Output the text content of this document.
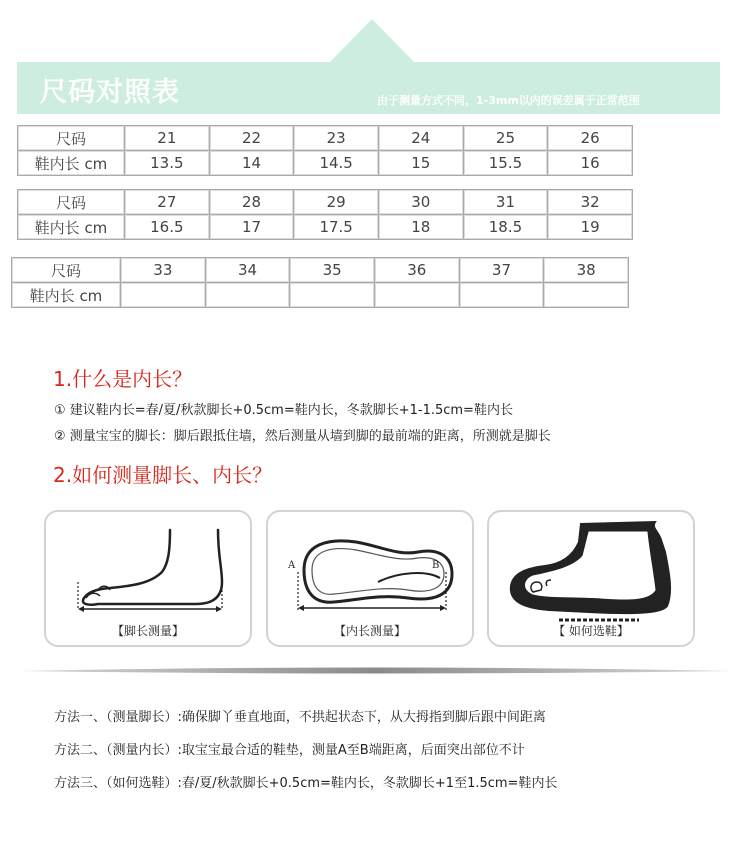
尺码对照表	由于测量方式不同，1-3mm以内的误差属于正常范围
尺码	21	22	23	24	25	26
鞋内长 cm	13.5	14	14.5	15	15.5	16
尺码	27	28	29	30	31	32
鞋内长 cm	16.5	17	17.5	18	18.5	19
尺码	33	34	35	36	37	38
鞋内长 cm						
1.什么是内长？
① 建议鞋内长=春/夏/秋款脚长+0.5cm=鞋内长，冬款脚长+1-1.5cm=鞋内长
② 测量宝宝的脚长：脚后跟抵住墙，然后测量从墙到脚的最前端的距离，所测就是脚长
2.如何测量脚长、内长？
【脚长测量】
A	B
【内长测量】	【 如何选鞋】
方法一、（测量脚长）:确保脚丫垂直地面，不拱起状态下，从大拇指到脚后跟中间距离
方法二、（测量内长）:取宝宝最合适的鞋垫，测量A至B端距离，后面突出部位不计
方法三、（如何选鞋）:春/夏/秋款脚长+0.5cm=鞋内长，冬款脚长+1至1.5cm=鞋内长
